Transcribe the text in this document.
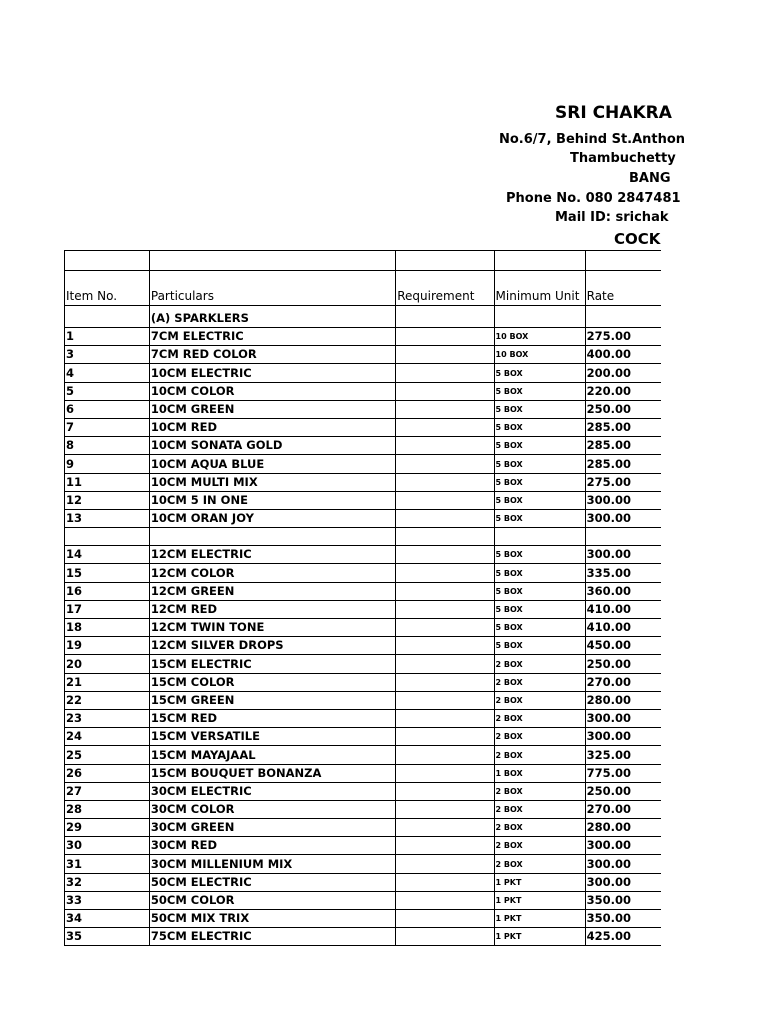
SRI CHAKRA
No.6/7, Behind St.Anthon
Thambuchetty
BANG
Phone No. 080 2847481
Mail ID: srichak
COCK

Item No.	Particulars	Requirement	Minimum Unit	Rate
	(A) SPARKLERS			
1	7CM ELECTRIC		10 BOX	275.00
3	7CM RED COLOR		10 BOX	400.00
4	10CM ELECTRIC		5 BOX	200.00
5	10CM COLOR		5 BOX	220.00
6	10CM GREEN		5 BOX	250.00
7	10CM RED		5 BOX	285.00
8	10CM SONATA GOLD		5 BOX	285.00
9	10CM AQUA BLUE		5 BOX	285.00
11	10CM MULTI MIX		5 BOX	275.00
12	10CM 5 IN ONE		5 BOX	300.00
13	10CM ORAN JOY		5 BOX	300.00

14	12CM ELECTRIC		5 BOX	300.00
15	12CM COLOR		5 BOX	335.00
16	12CM GREEN		5 BOX	360.00
17	12CM RED		5 BOX	410.00
18	12CM TWIN TONE		5 BOX	410.00
19	12CM SILVER DROPS		5 BOX	450.00
20	15CM ELECTRIC		2 BOX	250.00
21	15CM COLOR		2 BOX	270.00
22	15CM GREEN		2 BOX	280.00
23	15CM RED		2 BOX	300.00
24	15CM VERSATILE		2 BOX	300.00
25	15CM MAYAJAAL		2 BOX	325.00
26	15CM BOUQUET BONANZA		1 BOX	775.00
27	30CM ELECTRIC		2 BOX	250.00
28	30CM COLOR		2 BOX	270.00
29	30CM GREEN		2 BOX	280.00
30	30CM RED		2 BOX	300.00
31	30CM MILLENIUM MIX		2 BOX	300.00
32	50CM ELECTRIC		1 PKT	300.00
33	50CM COLOR		1 PKT	350.00
34	50CM MIX TRIX		1 PKT	350.00
35	75CM ELECTRIC		1 PKT	425.00
